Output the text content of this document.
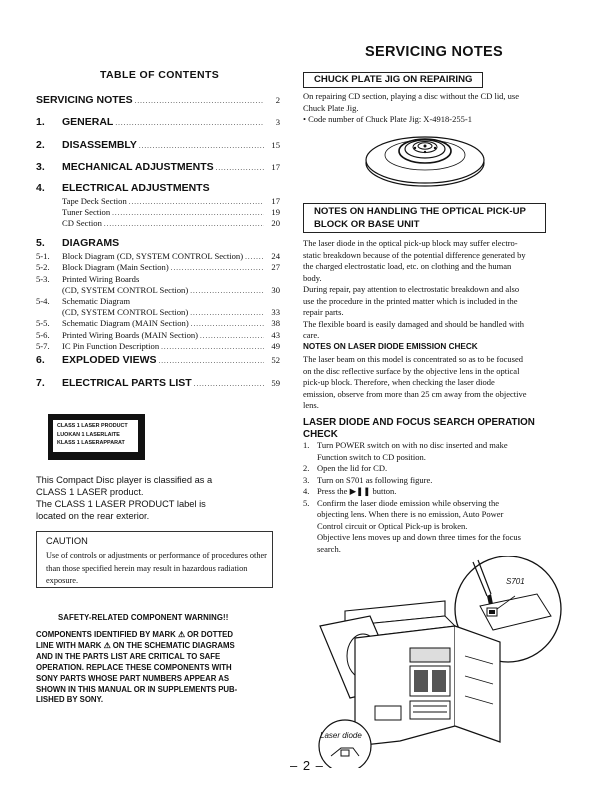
TABLE OF CONTENTS
SERVICING NOTES .....	2
1.	GENERAL .....	3
2.	DISASSEMBLY .....	15
3.	MECHANICAL ADJUSTMENTS .....	17
4.	ELECTRICAL ADJUSTMENTS
Tape Deck Section .....	17
Tuner Section .....	19
CD Section .....	20
5.	DIAGRAMS
5-1.	Block Diagram (CD, SYSTEM CONTROL Section) .....	24
5-2.	Block Diagram (Main Section) .....	27
5-3.	Printed Wiring Boards
(CD, SYSTEM CONTROL Section) .....	30
5-4.	Schematic Diagram
(CD, SYSTEM CONTROL Section) .....	33
5-5.	Schematic Diagram (MAIN Section) .....	38
5-6.	Printed Wiring Boards (MAIN Section) .....	43
5-7.	IC Pin Function Description .....	49
6.	EXPLODED VIEWS .....	52
7.	ELECTRICAL PARTS LIST .....	59
CLASS 1 LASER PRODUCT
LUOKAN 1 LASERLAITE
KLASS 1 LASERAPPARAT
This Compact Disc player is classified as a
CLASS 1 LASER product.
The CLASS 1 LASER PRODUCT label is
located on the rear exterior.
CAUTION
Use of controls or adjustments or performance of procedures other than those specified herein may result in hazardous radiation exposure.
SAFETY-RELATED COMPONENT WARNING!!
COMPONENTS IDENTIFIED BY MARK ⚠ OR DOTTED
LINE WITH MARK ⚠ ON THE SCHEMATIC DIAGRAMS
AND IN THE PARTS LIST ARE CRITICAL TO SAFE
OPERATION. REPLACE THESE COMPONENTS WITH
SONY PARTS WHOSE PART NUMBERS APPEAR AS
SHOWN IN THIS MANUAL OR IN SUPPLEMENTS PUB-
LISHED BY SONY.
– 2 –
SERVICING NOTES
CHUCK PLATE JIG ON REPAIRING
On repairing CD section, playing a disc without the CD lid, use
Chuck Plate Jig.
• Code number of Chuck Plate Jig: X-4918-255-1
NOTES ON HANDLING THE OPTICAL PICK-UP
BLOCK OR BASE UNIT
The laser diode in the optical pick-up block may suffer electro-
static breakdown because of the potential difference generated by
the charged electrostatic load, etc. on clothing and the human
body.
During repair, pay attention to electrostatic breakdown and also
use the procedure in the printed matter which is included in the
repair parts.
The flexible board is easily damaged and should be handled with
care.
NOTES ON LASER DIODE EMISSION CHECK
The laser beam on this model is concentrated so as to be focused
on the disc reflective surface by the objective lens in the optical
pick-up block. Therefore, when checking the laser diode
emission, observe from more than 25 cm away from the objective
lens.
LASER DIODE AND FOCUS SEARCH OPERATION
CHECK
1. Turn POWER switch on with no disc inserted and make
Function switch to CD position.
2. Open the lid for CD.
3. Turn on S701 as following figure.
4. Press the ▶❚❚ button.
5. Confirm the laser diode emission while observing the
objecting lens. When there is no emission, Auto Power
Control circuit or Optical Pick-up is broken.
Objective lens moves up and down three times for the focus
search.
S701
Laser diode
